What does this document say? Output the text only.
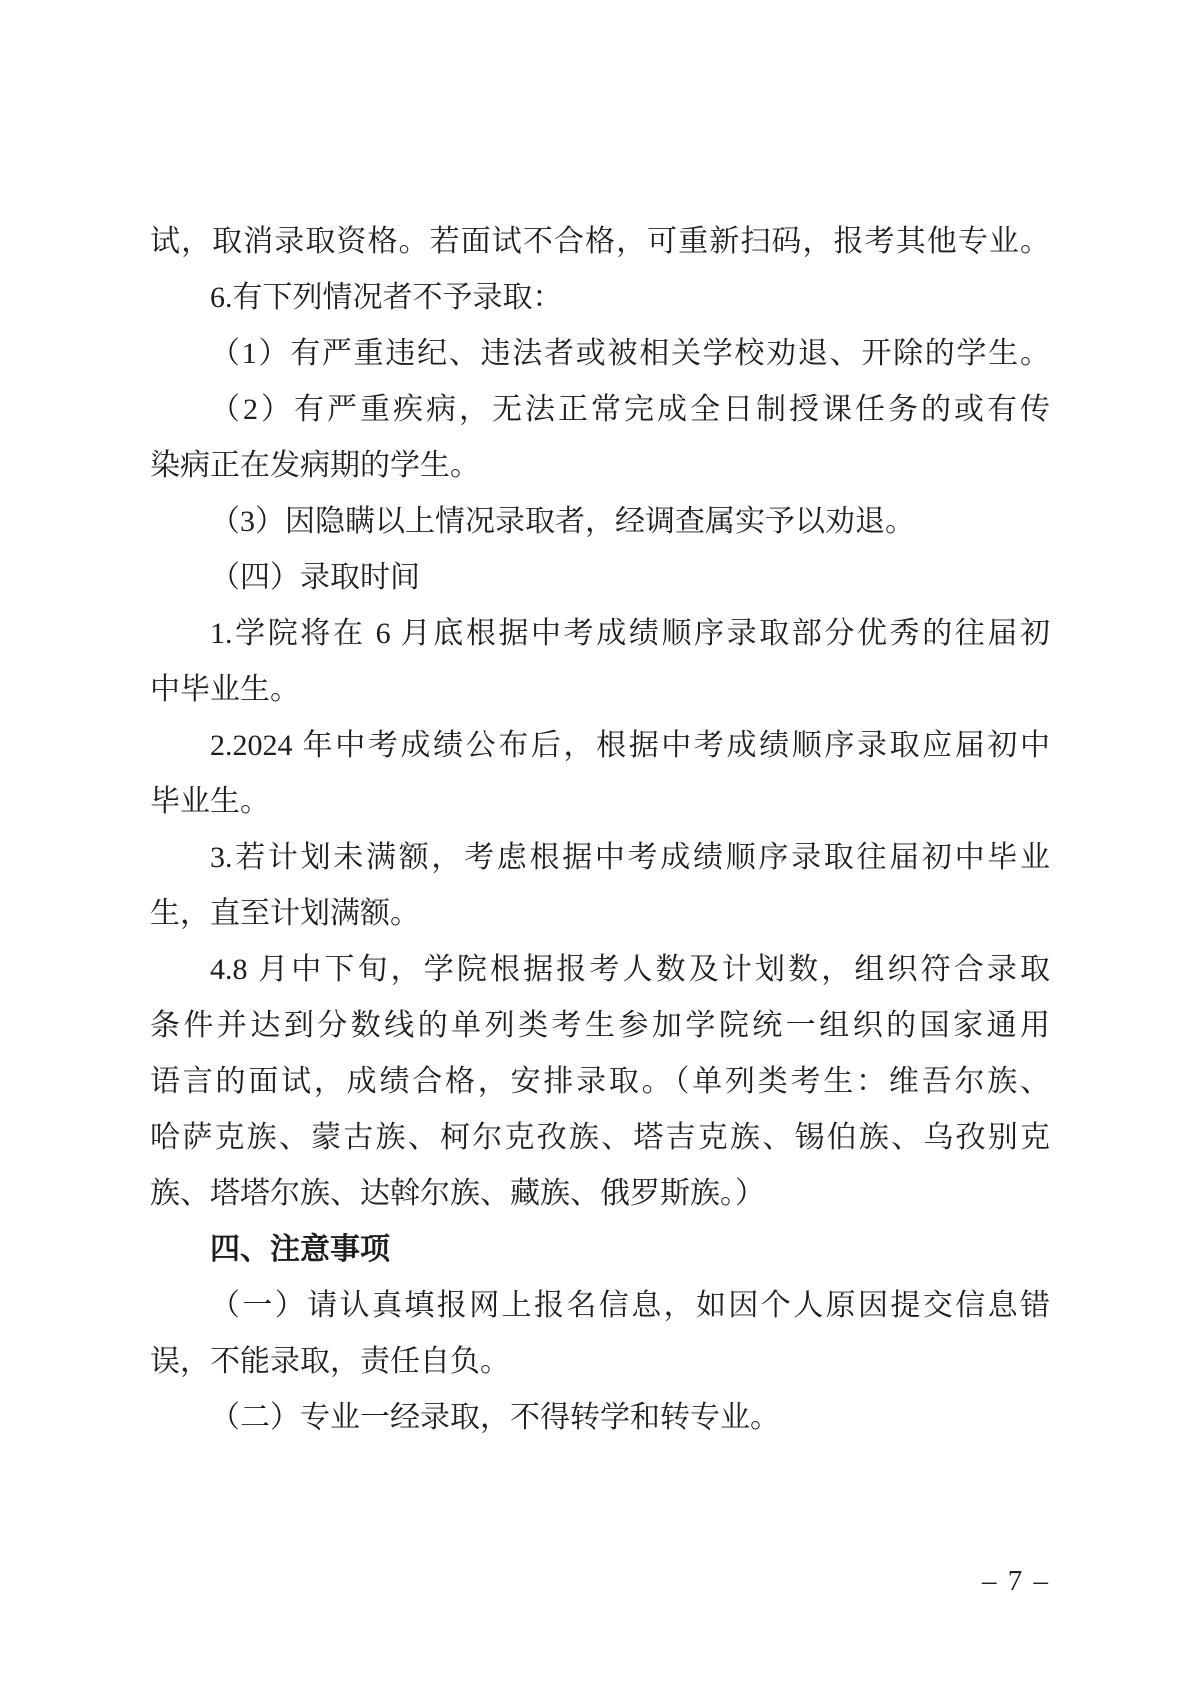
试，取消录取资格。若面试不合格，可重新扫码，报考其他专业。
6.有下列情况者不予录取：
（1）有严重违纪、违法者或被相关学校劝退、开除的学生。
（2）有严重疾病，无法正常完成全日制授课任务的或有传
染病正在发病期的学生。
（3）因隐瞒以上情况录取者，经调查属实予以劝退。
（四）录取时间
1.学院将在 6 月底根据中考成绩顺序录取部分优秀的往届初
中毕业生。
2.2024 年中考成绩公布后，根据中考成绩顺序录取应届初中
毕业生。
3.若计划未满额，考虑根据中考成绩顺序录取往届初中毕业
生，直至计划满额。
4.8 月中下旬，学院根据报考人数及计划数，组织符合录取
条件并达到分数线的单列类考生参加学院统一组织的国家通用
语言的面试，成绩合格，安排录取。（单列类考生：维吾尔族、
哈萨克族、蒙古族、柯尔克孜族、塔吉克族、锡伯族、乌孜别克
族、塔塔尔族、达斡尔族、藏族、俄罗斯族。）
四、注意事项
（一）请认真填报网上报名信息，如因个人原因提交信息错
误，不能录取，责任自负。
（二）专业一经录取，不得转学和转专业。
– 7 –
